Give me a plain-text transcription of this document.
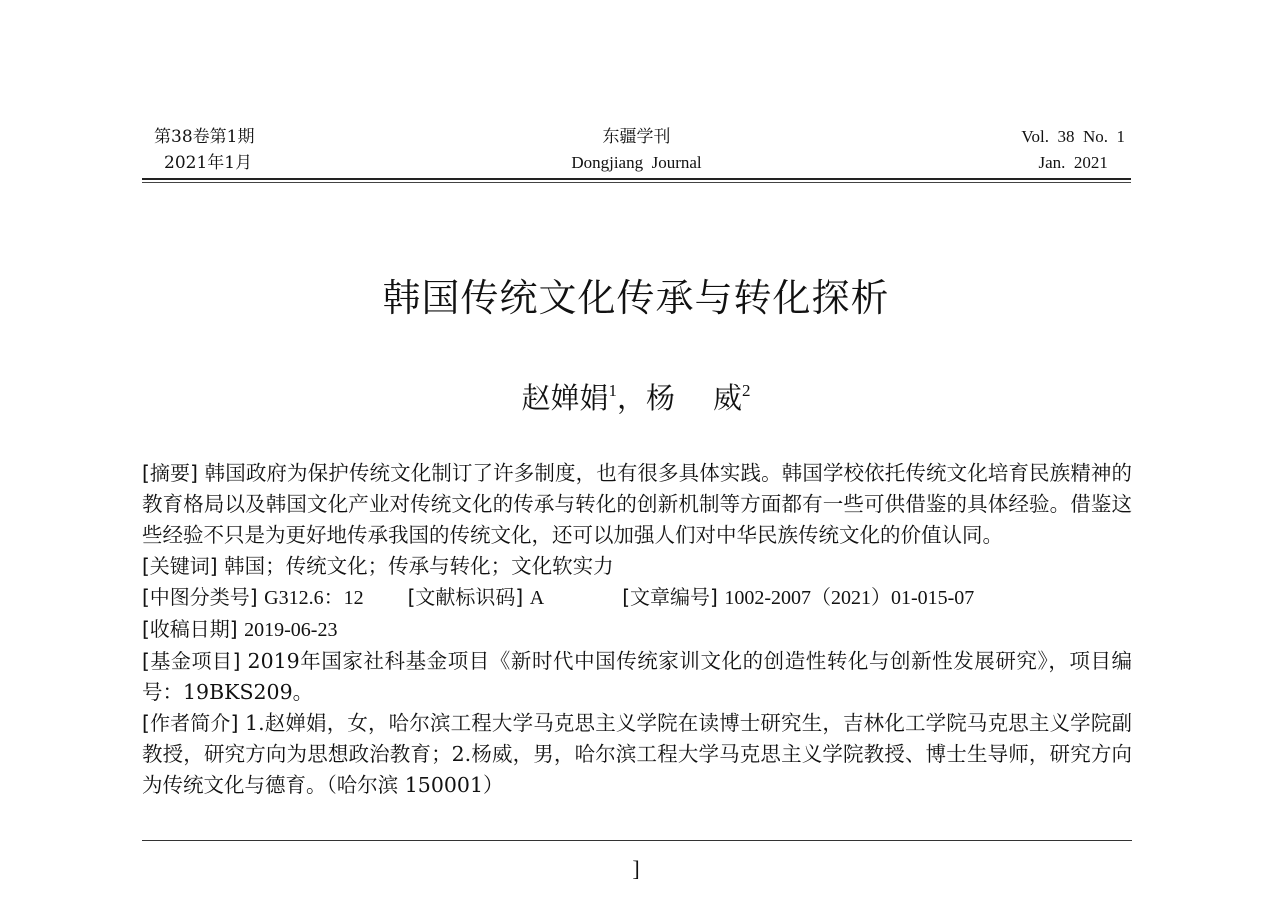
第38卷第1期
2021年1月
东疆学刊
Dongjiang  Journal
Vol.  38  No.  1
Jan.  2021
韩国传统文化传承与转化探析
赵婵娟$^1$，杨 威$^2$

[摘要] 韩国政府为保护传统文化制订了许多制度，也有很多具体实践。韩国学校依托传统文化培育民族精神的教育格局以及韩国文化产业对传统文化的传承与转化的创新机制等方面都有一些可供借鉴的具体经验。借鉴这些经验不只是为更好地传承我国的传统文化，还可以加强人们对中华民族传统文化的价值认同。

[关键词] 韩国；传统文化；传承与转化；文化软实力

[中图分类号] G312.6：12 [文献标识码] A	[文章编号] 1002-2007（2021）01-015-07

[收稿日期] 2019-06-23

[基金项目] 2019年国家社科基金项目《新时代中国传统家训文化的创造性转化与创新性发展研究》，项目编号：19BKS209。

[作者简介] 1.赵婵娟，女，哈尔滨工程大学马克思主义学院在读博士研究生，吉林化工学院马克思主义学院副教授，研究方向为思想政治教育；2.杨威，男，哈尔滨工程大学马克思主义学院教授、博士生导师，研究方向为传统文化与德育。（哈尔滨 150001）

]
